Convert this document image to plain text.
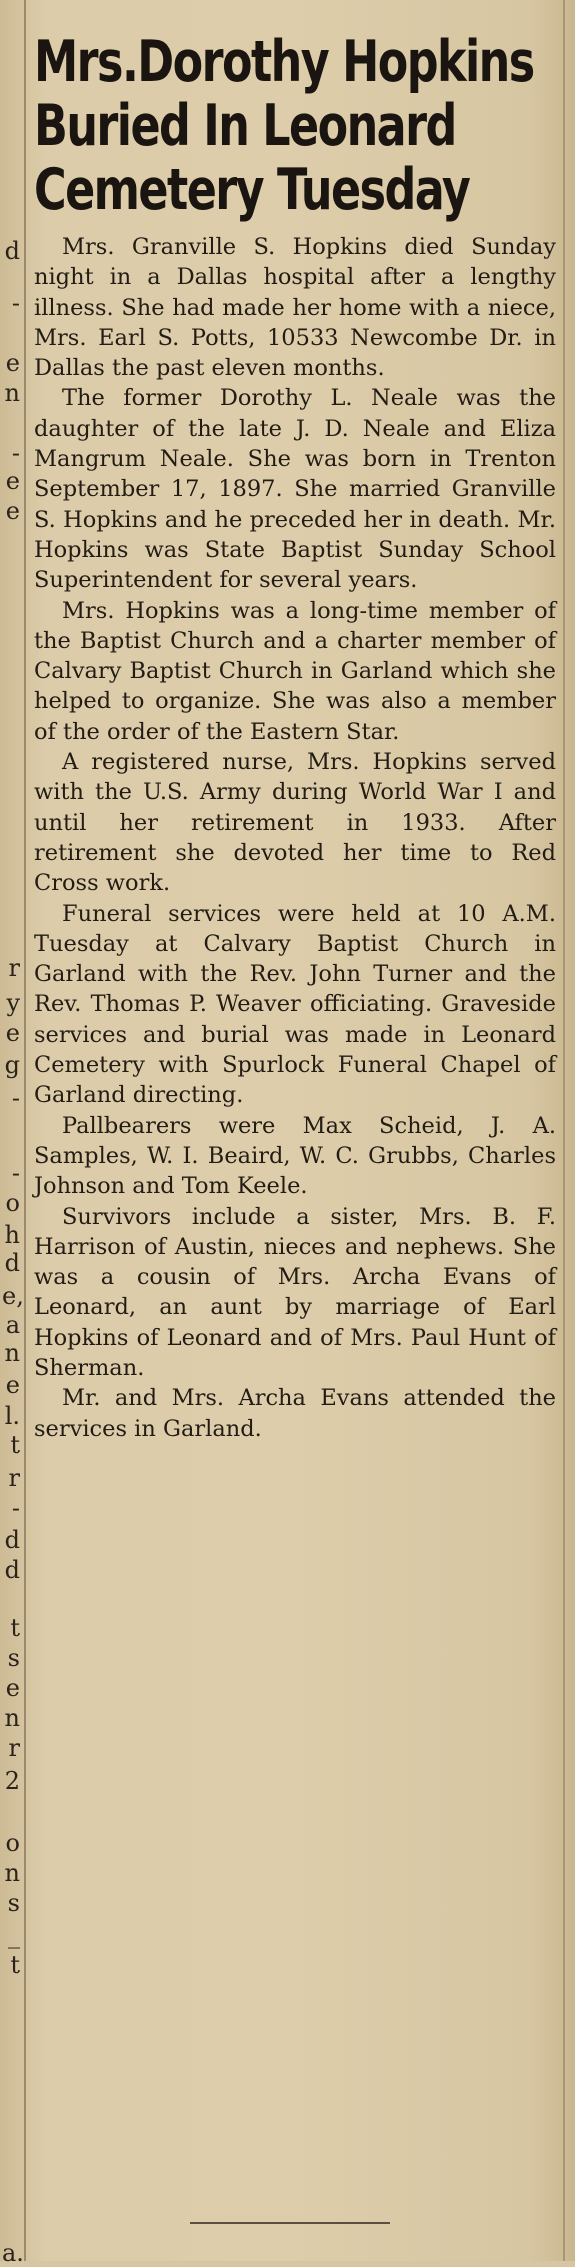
d
-
e
n
-
e
e
r
y
e
g
-
-
o
h
d
e,
a
n
e
l.
t
r
-
d
d
t
s
e
n
r
2
o
n
s
_
t
a.
Mrs.Dorothy Hopkins
Buried In Leonard
Cemetery Tuesday

Mrs. Granville S. Hopkins died Sunday night in a Dallas hospital after a lengthy illness. She had made her home with a niece, Mrs. Earl S. Potts, 10533 Newcombe Dr. in Dallas the past eleven months.

The former Dorothy L. Neale was the daughter of the late J. D. Neale and Eliza Mangrum Neale. She was born in Trenton September 17, 1897. She married Granville S. Hopkins and he preceded her in death. Mr. Hopkins was State Baptist Sunday School Superintendent for several years.

Mrs. Hopkins was a long-time member of the Baptist Church and a charter member of Calvary Baptist Church in Garland which she helped to organize. She was also a member of the order of the Eastern Star.

A registered nurse, Mrs. Hopkins served with the U.S. Army during World War I and until her retirement in 1933. After retirement she devoted her time to Red Cross work.

Funeral services were held at 10 A.M. Tuesday at Calvary Baptist Church in Garland with the Rev. John Turner and the Rev. Thomas P. Weaver officiating. Graveside services and burial was made in Leonard Cemetery with Spurlock Funeral Chapel of Garland directing.

Pallbearers were Max Scheid, J. A. Samples, W. I. Beaird, W. C. Grubbs, Charles Johnson and Tom Keele.

Survivors include a sister, Mrs. B. F. Harrison of Austin, nieces and nephews. She was a cousin of Mrs. Archa Evans of Leonard, an aunt by marriage of Earl Hopkins of Leonard and of Mrs. Paul Hunt of Sherman.

Mr. and Mrs. Archa Evans attended the services in Garland.
